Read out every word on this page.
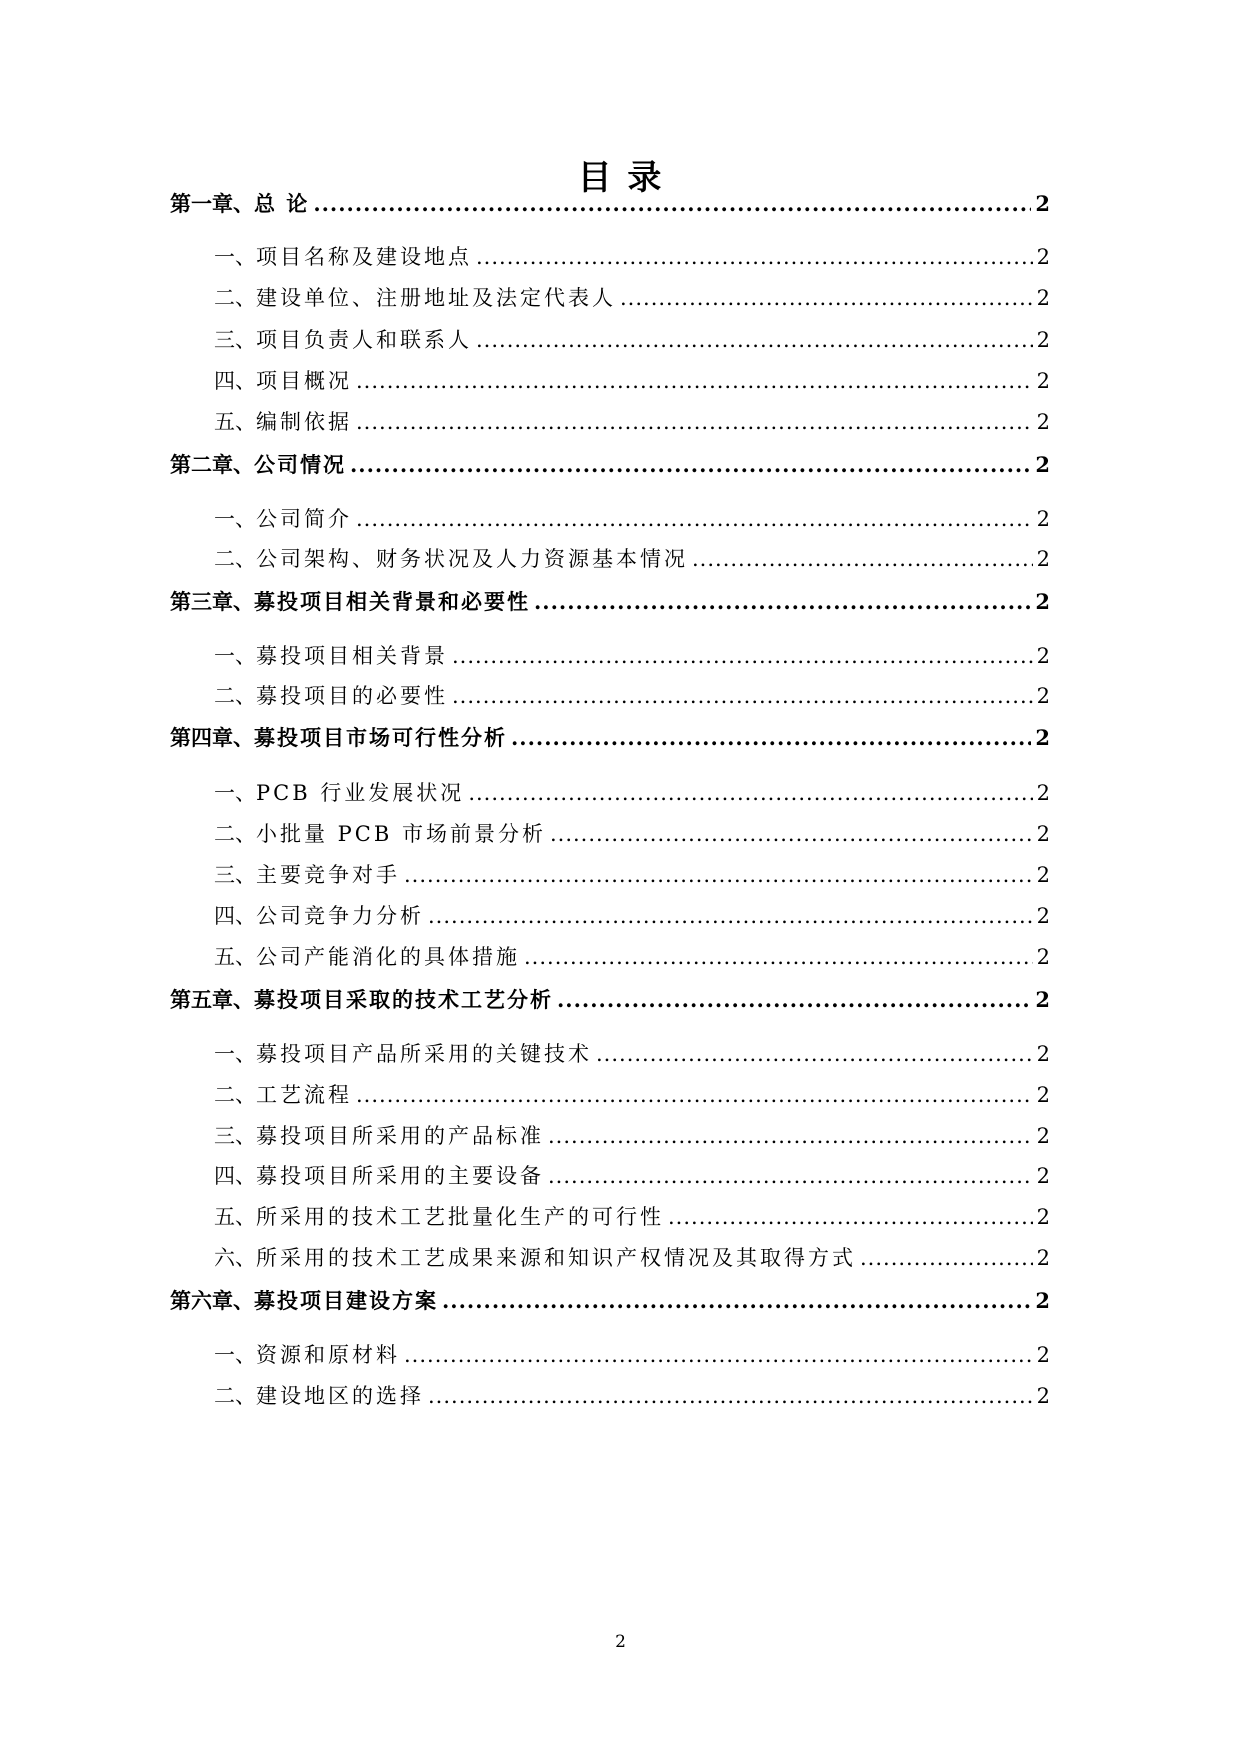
目 录
第一章、 总 论 .....	2
一、 项目名称及建设地点 .....	2
二、 建设单位、注册地址及法定代表人 .....	2
三、 项目负责人和联系人 .....	2
四、 项目概况 .....	2
五、 编制依据 .....	2
第二章、 公司情况 .....	2
一、 公司简介 .....	2
二、 公司架构、财务状况及人力资源基本情况 .....	2
第三章、 募投项目相关背景和必要性 .....	2
一、 募投项目相关背景 .....	2
二、 募投项目的必要性 .....	2
第四章、 募投项目市场可行性分析 .....	2
一、 PCB 行业发展状况 .....	2
二、 小批量 PCB 市场前景分析 .....	2
三、 主要竞争对手 .....	2
四、 公司竞争力分析 .....	2
五、 公司产能消化的具体措施 .....	2
第五章、 募投项目采取的技术工艺分析 .....	2
一、 募投项目产品所采用的关键技术 .....	2
二、 工艺流程 .....	2
三、 募投项目所采用的产品标准 .....	2
四、 募投项目所采用的主要设备 .....	2
五、 所采用的技术工艺批量化生产的可行性 .....	2
六、 所采用的技术工艺成果来源和知识产权情况及其取得方式 .....	2
第六章、 募投项目建设方案 .....	2
一、 资源和原材料 .....	2
二、 建设地区的选择 .....	2
2
